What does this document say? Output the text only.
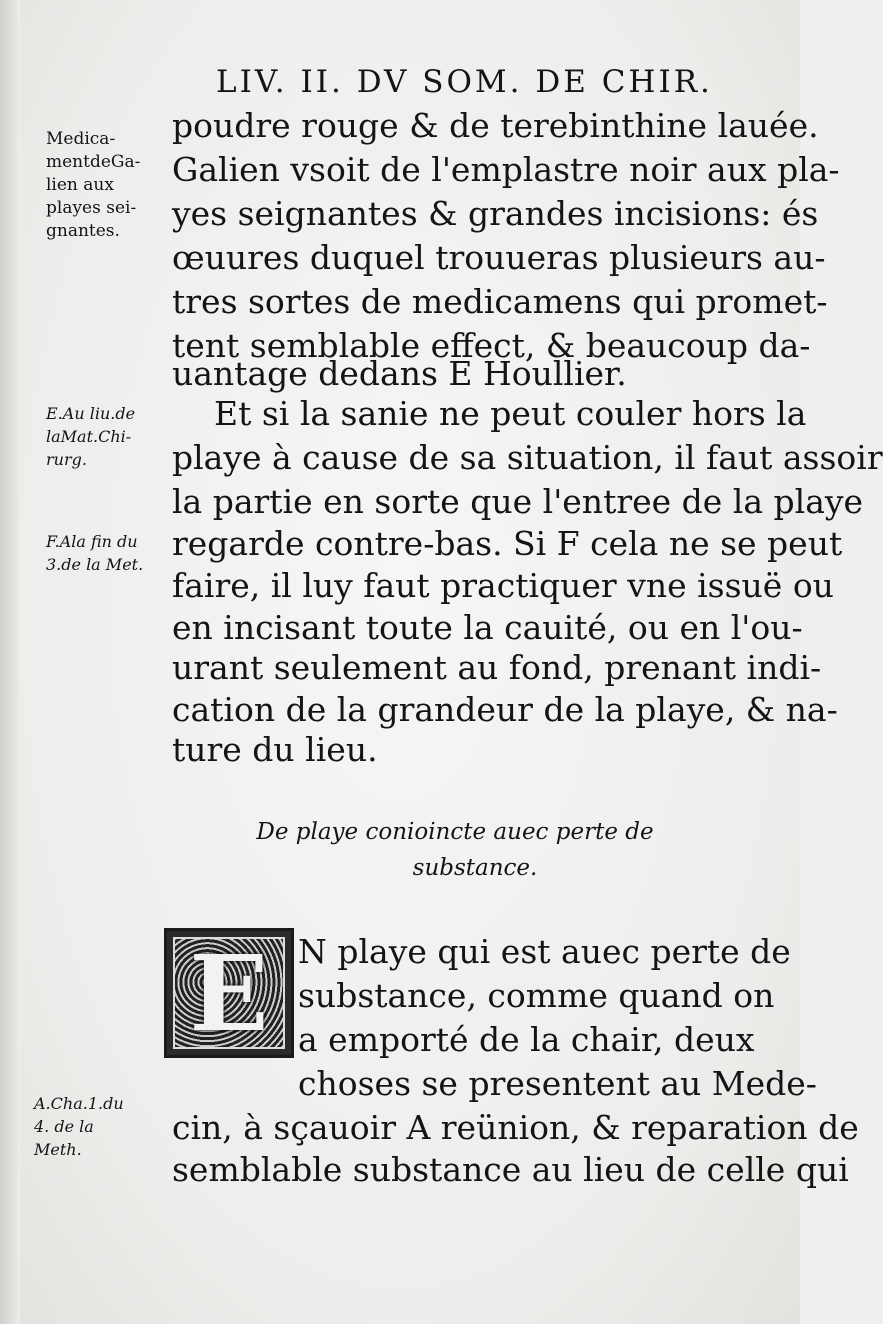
LIV. II. DV SOM. DE CHIR.
Medica-
mentdeGa-
lien aux
playes sei-
gnantes.
E.Au liu.de
laMat.Chi-
rurg.
F.Ala fin du
3.de la Met.
A.Cha.1.du
4. de la
Meth.
poudre rouge & de terebinthine lauée.
Galien vsoit de l'emplastre noir aux pla-
yes seignantes & grandes incisions: és
œuures duquel trouueras plusieurs au-
tres sortes de medicamens qui promet-
tent semblable effect, & beaucoup da-
uantage dedans E Houllier.
Et si la sanie ne peut couler hors la
playe à cause de sa situation, il faut assoir
la partie en sorte que l'entree de la playe
regarde contre-bas. Si F cela ne se peut
faire, il luy faut practiquer vne issuë ou
en incisant toute la cauité, ou en l'ou-
urant seulement au fond, prenant indi-
cation de la grandeur de la playe, & na-
ture du lieu.
De playe conioincte auec perte de
substance.
E N playe qui est auec perte de
substance, comme quand on
a emporté de la chair, deux
choses se presentent au Mede-
cin, à sçauoir A reünion, & reparation de
semblable substance au lieu de celle qui
